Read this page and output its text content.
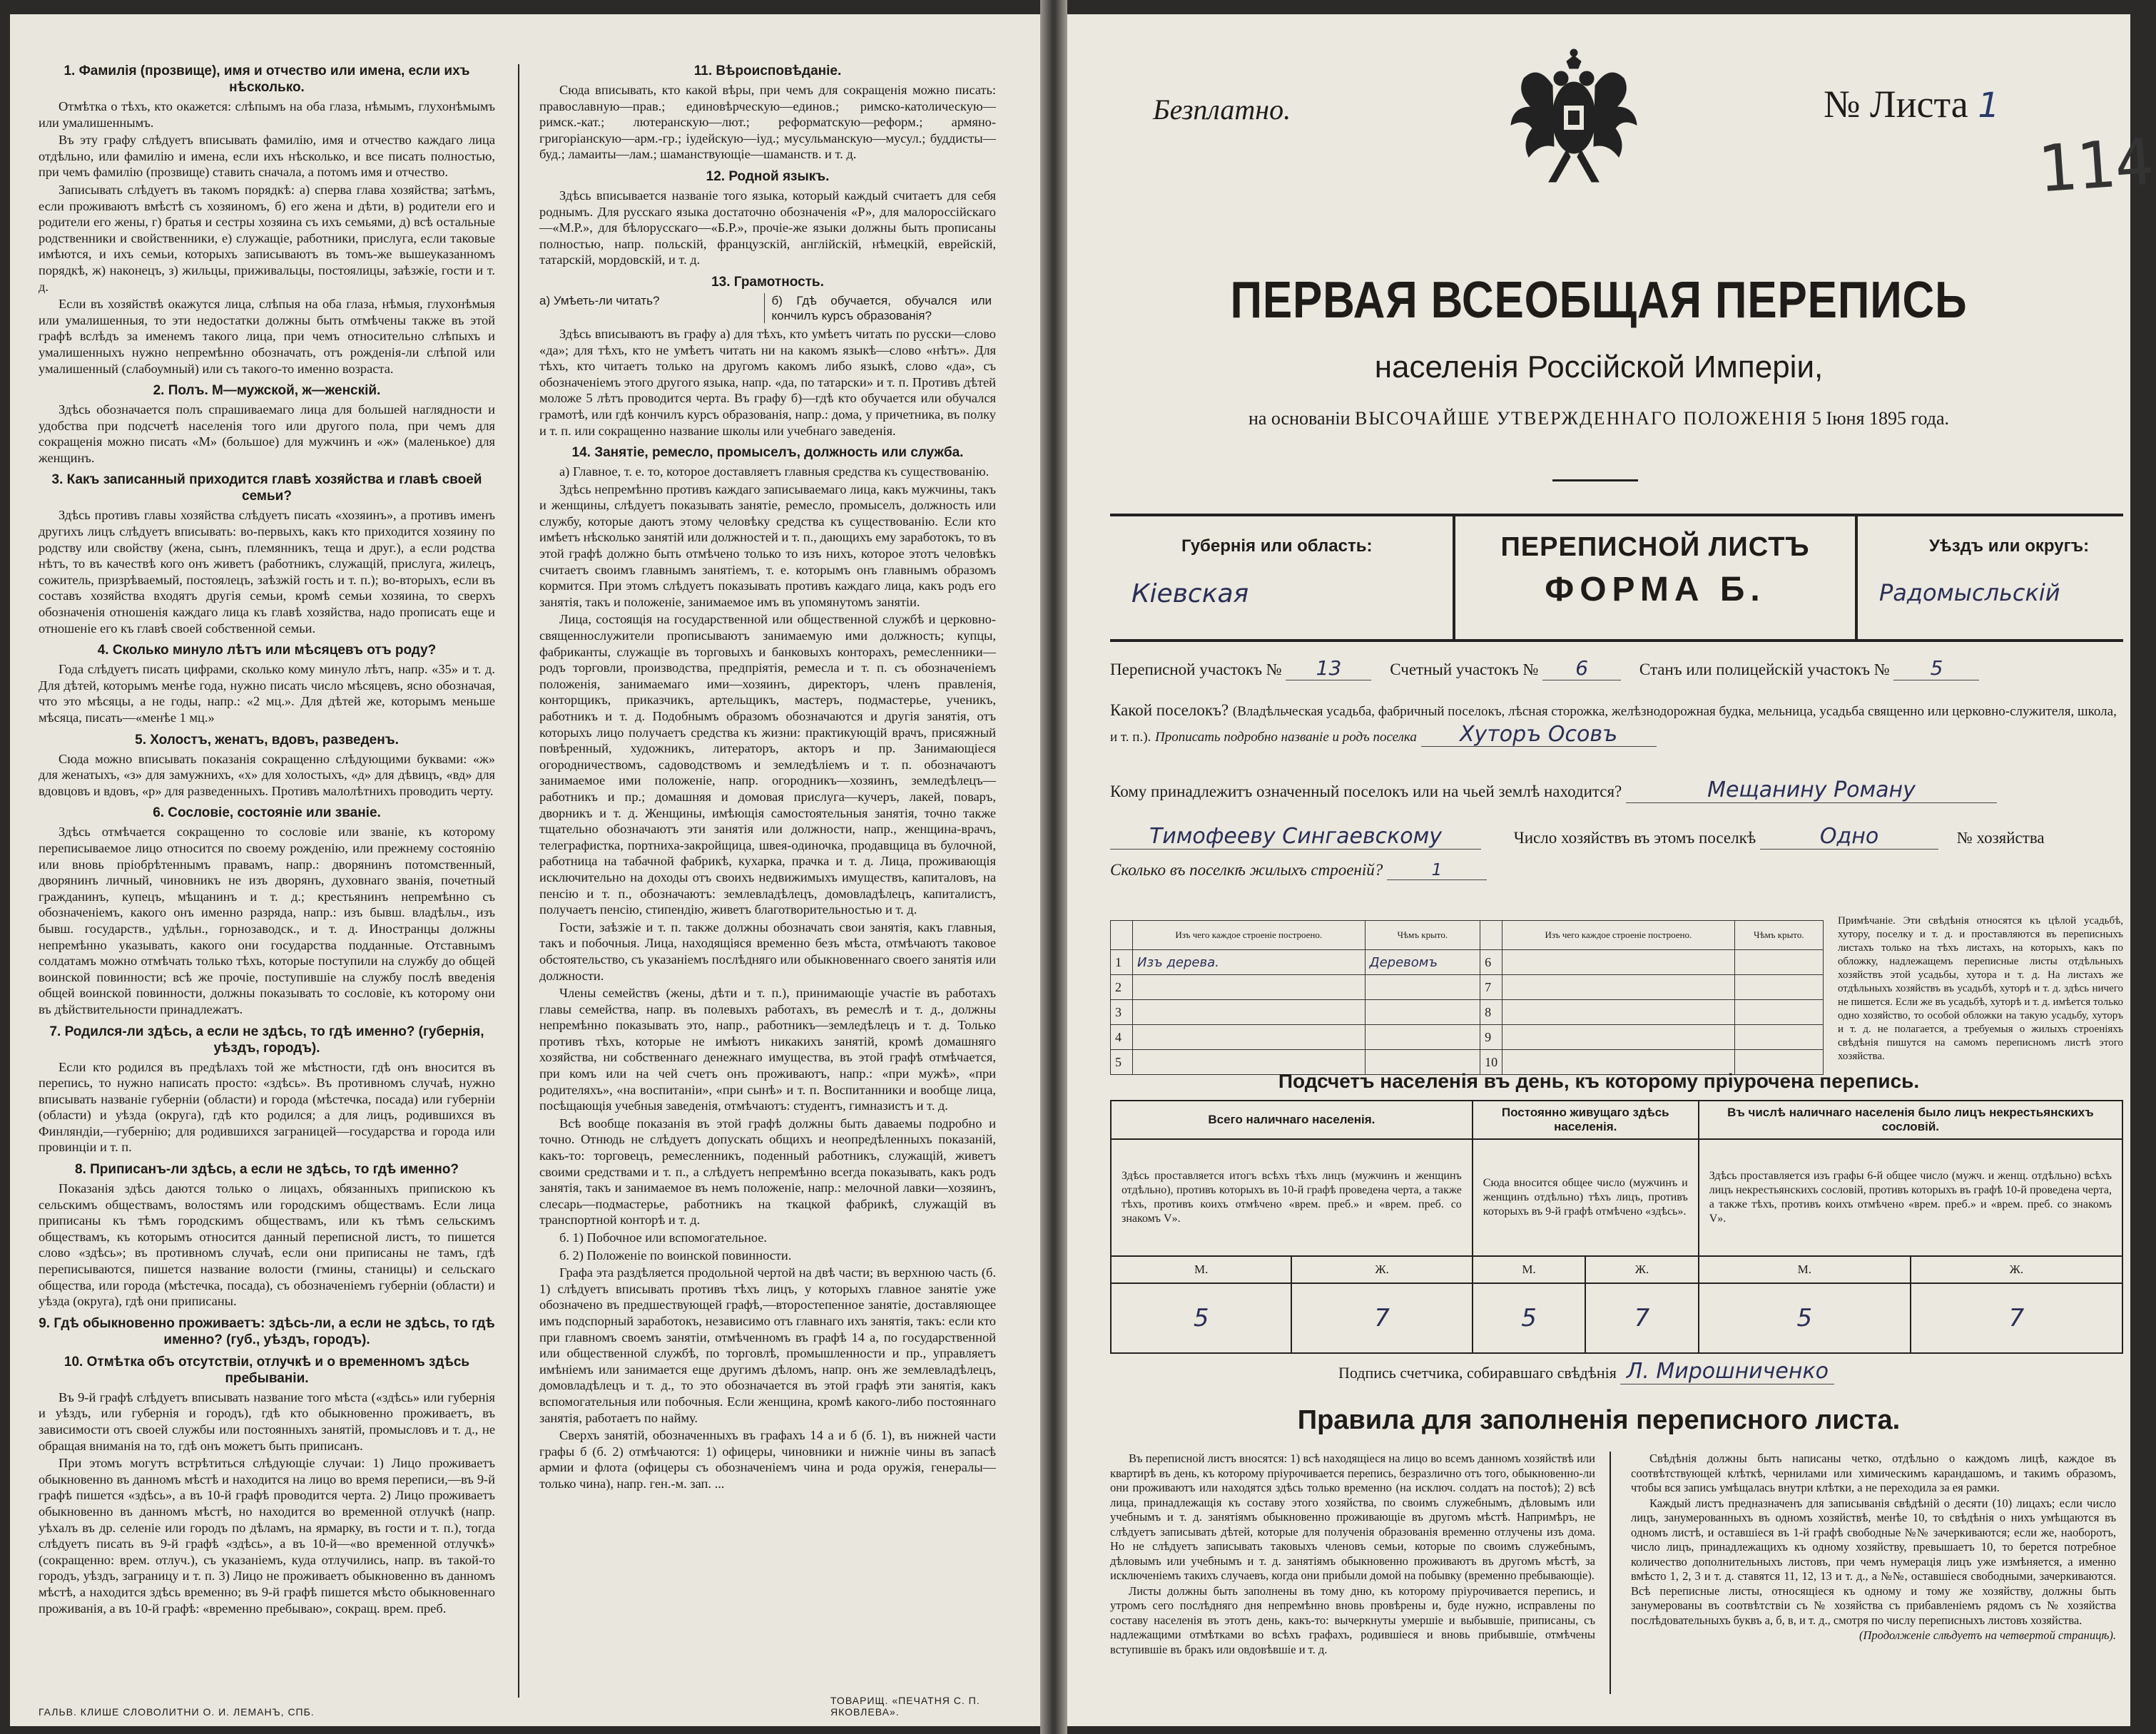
1. Фамилія (прозвище), имя и отчество или имена, если ихъ нѣсколько.

Отмѣтка о тѣхъ, кто окажется: слѣпымъ на оба глаза, нѣмымъ, глухонѣмымъ или умалишеннымъ.

Въ эту графу слѣдуетъ вписывать фамилію, имя и отчество каждаго лица отдѣльно, или фамилію и имена, если ихъ нѣсколько, и все писать полностью, при чемъ фамилію (прозвище) ставить сначала, а потомъ имя и отчество.

Записывать слѣдуетъ въ такомъ порядкѣ: а) сперва глава хозяйства; затѣмъ, если проживаютъ вмѣстѣ съ хозяиномъ, б) его жена и дѣти, в) родители его и родители его жены, г) братья и сестры хозяина съ ихъ семьями, д) всѣ остальные родственники и свойственники, е) служащіе, работники, прислуга, если таковые имѣются, и ихъ семьи, которыхъ записываютъ въ томъ-же вышеуказанномъ порядкѣ, ж) наконецъ, з) жильцы, приживальцы, постоялицы, заѣзжіе, гости и т. д.

Если въ хозяйствѣ окажутся лица, слѣпыя на оба глаза, нѣмыя, глухонѣмыя или умалишенныя, то эти недостатки должны быть отмѣчены также въ этой графѣ вслѣдъ за именемъ такого лица, при чемъ относительно слѣпыхъ и умалишенныхъ нужно непремѣнно обозначать, отъ рожденія-ли слѣпой или умалишенный (слабоумный) или съ такого-то именно возраста.

2. Полъ. М—мужской, ж—женскій.

Здѣсь обозначается полъ спрашиваемаго лица для большей наглядности и удобства при подсчетѣ населенія того или другого пола, при чемъ для сокращенія можно писать «М» (большое) для мужчинъ и «ж» (маленькое) для женщинъ.

3. Какъ записанный приходится главѣ хозяйства и главѣ своей семьи?

Здѣсь противъ главы хозяйства слѣдуетъ писать «хозяинъ», а противъ именъ другихъ лицъ слѣдуетъ вписывать: во-первыхъ, какъ кто приходится хозяину по родству или свойству (жена, сынъ, племянникъ, теща и друг.), а если родства нѣтъ, то въ качествѣ кого онъ живетъ (работникъ, служащій, прислуга, жилецъ, сожитель, призрѣваемый, постоялецъ, заѣзжій гость и т. п.); во-вторыхъ, если въ составъ хозяйства входятъ другія семьи, кромѣ семьи хозяина, то сверхъ обозначенія отношенія каждаго лица къ главѣ хозяйства, надо прописать еще и отношеніе его къ главѣ своей собственной семьи.

4. Сколько минуло лѣтъ или мѣсяцевъ отъ роду?

Года слѣдуетъ писать цифрами, сколько кому минуло лѣтъ, напр. «35» и т. д. Для дѣтей, которымъ менѣе года, нужно писать число мѣсяцевъ, ясно обозначая, что это мѣсяцы, а не годы, напр.: «2 мц.». Для дѣтей же, которымъ меньше мѣсяца, писать—«менѣе 1 мц.»

5. Холостъ, женатъ, вдовъ, разведенъ.

Сюда можно вписывать показанія сокращенно слѣдующими буквами: «ж» для женатыхъ, «з» для замужнихъ, «х» для холостыхъ, «д» для дѣвицъ, «вд» для вдовцовъ и вдовъ, «р» для разведенныхъ. Противъ малолѣтнихъ проводить черту.

6. Сословіе, состояніе или званіе.

Здѣсь отмѣчается сокращенно то сословіе или званіе, къ которому переписываемое лицо относится по своему рожденію, или прежнему состоянію или вновь пріобрѣтеннымъ правамъ, напр.: дворянинъ потомственный, дворянинъ личный, чиновникъ не изъ дворянъ, духовнаго званія, почетный гражданинъ, купецъ, мѣщанинъ и т. д.; крестьянинъ непремѣнно съ обозначеніемъ, какого онъ именно разряда, напр.: изъ бывш. владѣльч., изъ бывш. государств., удѣльн., горнозаводск., и т. д. Иностранцы должны непремѣнно указывать, какого они государства подданные. Отставнымъ солдатамъ можно отмѣчать только тѣхъ, которые поступили на службу до общей воинской повинности; всѣ же прочіе, поступившіе на службу послѣ введенія общей воинской повинности, должны показывать то сословіе, къ которому они въ дѣйствительности принадлежатъ.

7. Родился-ли здѣсь, а если не здѣсь, то гдѣ именно? (губернія, уѣздъ, городъ).

Если кто родился въ предѣлахъ той же мѣстности, гдѣ онъ вносится въ перепись, то нужно написать просто: «здѣсь». Въ противномъ случаѣ, нужно вписывать названіе губерніи (области) и города (мѣстечка, посада) или губерніи (области) и уѣзда (округа), гдѣ кто родился; а для лицъ, родившихся въ Финляндіи,—губернію; для родившихся заграницей—государства и города или провинціи и т. п.

8. Приписанъ-ли здѣсь, а если не здѣсь, то гдѣ именно?

Показанія здѣсь даются только о лицахъ, обязанныхъ припискою къ сельскимъ обществамъ, волостямъ или городскимъ обществамъ. Если лица приписаны къ тѣмъ городскимъ обществамъ, или къ тѣмъ сельскимъ обществамъ, къ которымъ относится данный переписной листъ, то пишется слово «здѣсь»; въ противномъ случаѣ, если они приписаны не тамъ, гдѣ переписываются, пишется название волости (гмины, станицы) и сельскаго общества, или города (мѣстечка, посада), съ обозначеніемъ губерніи (области) и уѣзда (округа), гдѣ они приписаны.

9. Гдѣ обыкновенно проживаетъ: здѣсь-ли, а если не здѣсь, то гдѣ именно? (губ., уѣздъ, городъ).
10. Отмѣтка объ отсутствіи, отлучкѣ и о временномъ здѣсь пребываніи.

Въ 9-й графѣ слѣдуетъ вписывать название того мѣста («здѣсь» или губернія и уѣздъ, или губернія и городъ), гдѣ кто обыкновенно проживаетъ, въ зависимости отъ своей службы или постоянныхъ занятій, промысловъ и т. д., не обращая вниманія на то, гдѣ онъ можетъ быть приписанъ.

При этомъ могутъ встрѣтиться слѣдующіе случаи: 1) Лицо проживаетъ обыкновенно въ данномъ мѣстѣ и находится на лицо во время переписи,—въ 9-й графѣ пишется «здѣсь», а въ 10-й графѣ проводится черта. 2) Лицо проживаетъ обыкновенно въ данномъ мѣстѣ, но находится во временной отлучкѣ (напр. уѣхалъ въ др. селеніе или городъ по дѣламъ, на ярмарку, въ гости и т. п.), тогда слѣдуетъ писать въ 9-й графѣ «здѣсь», а въ 10-й—«во временной отлучкѣ» (сокращенно: врем. отлуч.), съ указаніемъ, куда отлучились, напр. въ такой-то городъ, уѣздъ, заграницу и т. п. 3) Лицо не проживаетъ обыкновенно въ данномъ мѣстѣ, а находится здѣсь временно; въ 9-й графѣ пишется мѣсто обыкновеннаго проживанія, а въ 10-й графѣ: «временно пребываю», сокращ. врем. преб.

11. Вѣроисповѣданіе.

Сюда вписывать, кто какой вѣры, при чемъ для сокращенія можно писать: православную—прав.; единовѣрческую—единов.; римско-католическую—римск.-кат.; лютеранскую—лют.; реформатскую—реформ.; армяно-григоріанскую—арм.-гр.; іудейскую—іуд.; мусульманскую—мусул.; буддисты—буд.; ламаиты—лам.; шаманствующіе—шаманств. и т. д.

12. Родной языкъ.

Здѣсь вписывается названіе того языка, который каждый считаетъ для себя роднымъ. Для русскаго языка достаточно обозначенія «Р», для малороссійскаго—«М.Р.», для бѣлорусскаго—«Б.Р.», прочіе-же языки должны быть прописаны полностью, напр. польскій, французскій, англійскій, нѣмецкій, еврейскій, татарскій, мордовскій, и т. д.

13. Грамотность.
а) Умѣеть-ли читать?	б) Гдѣ обучается, обучался или кончилъ курсъ образованія?

Здѣсь вписываютъ въ графу а) для тѣхъ, кто умѣетъ читать по русски—слово «да»; для тѣхъ, кто не умѣетъ читать ни на какомъ языкѣ—слово «нѣтъ». Для тѣхъ, кто читаетъ только на другомъ какомъ либо языкѣ, слово «да», съ обозначеніемъ этого другого языка, напр. «да, по татарски» и т. п. Противъ дѣтей моложе 5 лѣтъ проводится черта. Въ графу б)—гдѣ кто обучается или обучался грамотѣ, или гдѣ кончилъ курсъ образованія, напр.: дома, у причетника, въ полку и т. п. или сокращенно название школы или учебнаго заведенія.

14. Занятіе, ремесло, промыселъ, должность или служба.

а) Главное, т. е. то, которое доставляетъ главныя средства къ существованію.

Здѣсь непремѣнно противъ каждаго записываемаго лица, какъ мужчины, такъ и женщины, слѣдуетъ показывать занятіе, ремесло, промыселъ, должность или службу, которые даютъ этому человѣку средства къ существованію. Если кто имѣетъ нѣсколько занятій или должностей и т. п., дающихъ ему заработокъ, то въ этой графѣ должно быть отмѣчено только то изъ нихъ, которое этотъ человѣкъ считаетъ своимъ главнымъ занятіемъ, т. е. которымъ онъ главнымъ образомъ кормится. При этомъ слѣдуетъ показывать противъ каждаго лица, какъ родъ его занятія, такъ и положеніе, занимаемое имъ въ упомянутомъ занятіи.

Лица, состоящія на государственной или общественной службѣ и церковно-священнослужители прописываютъ занимаемую ими должность; купцы, фабриканты, служащіе въ торговыхъ и банковыхъ конторахъ, ремесленники—родъ торговли, производства, предпріятія, ремесла и т. п. съ обозначеніемъ положенія, занимаемаго ими—хозяинъ, директоръ, членъ правленія, конторщикъ, приказчикъ, артельщикъ, мастеръ, подмастерье, ученикъ, работникъ и т. д. Подобнымъ образомъ обозначаются и другія занятія, отъ которыхъ лицо получаетъ средства къ жизни: практикующій врачъ, присяжный повѣренный, художникъ, литераторъ, акторъ и пр. Занимающіеся огородничествомъ, садоводствомъ и земледѣліемъ и т. п. обозначаютъ занимаемое ими положеніе, напр. огородникъ—хозяинъ, земледѣлецъ—работникъ и пр.; домашняя и домовая прислуга—кучеръ, лакей, поваръ, дворникъ и т. д. Женщины, имѣющія самостоятельныя занятія, точно также тщательно обозначаютъ эти занятія или должности, напр., женщина-врачъ, телеграфистка, портниха-закройщица, швея-одиночка, продавщица въ булочной, работница на табачной фабрикѣ, кухарка, прачка и т. д. Лица, проживающія исключительно на доходы отъ своихъ недвижимыхъ имуществъ, капиталовъ, на пенсію и т. п., обозначаютъ: землевладѣлецъ, домовладѣлецъ, капиталистъ, получаетъ пенсію, стипендію, живетъ благотворительностью и т. д.

Гости, заѣзжіе и т. п. также должны обозначать свои занятія, какъ главныя, такъ и побочныя. Лица, находящіяся временно безъ мѣста, отмѣчаютъ таковое обстоятельство, съ указаніемъ послѣдняго или обыкновеннаго своего занятія или должности.

Члены семействъ (жены, дѣти и т. п.), принимающіе участіе въ работахъ главы семейства, напр. въ полевыхъ работахъ, въ ремеслѣ и т. д., должны непремѣнно показывать это, напр., работникъ—земледѣлецъ и т. д. Только противъ тѣхъ, которые не имѣютъ никакихъ занятій, кромѣ домашняго хозяйства, ни собственнаго денежнаго имущества, въ этой графѣ отмѣчается, при комъ или на чей счетъ онъ проживаютъ, напр.: «при мужѣ», «при родителяхъ», «на воспитаніи», «при сынѣ» и т. п. Воспитанники и вообще лица, посѣщающія учебныя заведенія, отмѣчаютъ: студентъ, гимназистъ и т. д.

Всѣ вообще показанія въ этой графѣ должны быть даваемы подробно и точно. Отнюдь не слѣдуетъ допускать общихъ и неопредѣленныхъ показаній, какъ-то: торговецъ, ремесленникъ, поденный работникъ, служащій, живетъ своими средствами и т. п., а слѣдуетъ непремѣнно всегда показывать, какъ родъ занятія, такъ и занимаемое въ немъ положеніе, напр.: мелочной лавки—хозяинъ, слесарь—подмастерье, работникъ на ткацкой фабрикѣ, служащій въ транспортной конторѣ и т. д.

б. 1) Побочное или вспомогательное.

б. 2) Положеніе по воинской повинности.

Графа эта раздѣляется продольной чертой на двѣ части; въ верхнюю часть (б. 1) слѣдуетъ вписывать противъ тѣхъ лицъ, у которыхъ главное занятіе уже обозначено въ предшествующей графѣ,—второстепенное занятіе, доставляющее имъ подспорный заработокъ, независимо отъ главнаго ихъ занятія, такъ: если кто при главномъ своемъ занятіи, отмѣченномъ въ графѣ 14 а, по государственной или общественной службѣ, по торговлѣ, промышленности и пр., управляетъ имѣніемъ или занимается еще другимъ дѣломъ, напр. онъ же землевладѣлецъ, домовладѣлецъ и т. д., то это обозначается въ этой графѣ эти занятія, какъ вспомогательныя или побочныя. Если женщина, кромѣ какого-либо постояннаго занятія, работаетъ по найму.

Сверхъ занятій, обозначенныхъ въ графахъ 14 а и б (б. 1), въ нижней части графы б (б. 2) отмѣчаются: 1) офицеры, чиновники и нижніе чины въ запасѣ армии и флота (офицеры съ обозначеніемъ чина и рода оружія, генералы—только чина), напр. ген.-м. зап. ...

ГАЛЬВ. КЛИШЕ СЛОВОЛИТНИ О. И. ЛЕМАНЪ, СПБ.
ТОВАРИЩ. «ПЕЧАТНЯ С. П. ЯКОВЛЕВА».
Безплатно.	№ Листа 1
114
ПЕРВАЯ ВСЕОБЩАЯ ПЕРЕПИСЬ
населенія Россійской Имперіи,
на основаніи ВЫСОЧАЙШЕ УТВЕРЖДЕННАГО ПОЛОЖЕНІЯ 5 Іюня 1895 года.
Губернія или область:
Кіевская
ПЕРЕПИСНОЙ ЛИСТЪ
ФОРМА Б.
Уѣздъ или округъ:
Радомысльскій
Переписной участокъ № 13	Счетный участокъ № 6	Станъ или полицейскій участокъ № 5
Какой поселокъ? (Владѣльческая усадьба, фабричный поселокъ, лѣсная сторожка, желѣзнодорожная будка, мельница, усадьба священно или церковно-служителя, школа, и т. п.). Прописать подробно названіе и родъ поселка Хуторъ Осовъ
Кому принадлежитъ означенный поселокъ или на чьей землѣ находится?	Мещанину Роману
Тимофееву Сингаевскому	Число хозяйствъ въ этомъ поселкѣ	Одно	№ хозяйства
Сколько въ поселкѣ жилыхъ строеній?	1
	Изъ чего каждое строеніе построено.	Чѣмъ крыто.		Изъ чего каждое строеніе построено.	Чѣмъ крыто.
1	Изъ дерева.	Деревомъ	6		
2			7		
3			8		
4			9		
5			10		
Примѣчаніе. Эти свѣдѣнія относятся къ цѣлой усадьбѣ, хутору, поселку и т. д. и проставляются въ переписныхъ листахъ только на тѣхъ листахъ, на которыхъ, какъ по обложку, надлежащемъ переписные листы отдѣльныхъ хозяйствъ этой усадьбы, хутора и т. д. На листахъ же отдѣльныхъ хозяйствъ въ усадьбѣ, хуторѣ и т. д. здѣсь ничего не пишется. Если же въ усадьбѣ, хуторѣ и т. д. имѣется только одно хозяйство, то особой обложки на такую усадьбу, хуторъ и т. д. не полагается, а требуемыя о жилыхъ строеніяхъ свѣдѣнія пишутся на самомъ переписномъ листѣ этого хозяйства.
Подсчетъ населенія въ день, къ которому пріурочена перепись.
Всего наличнаго населенія.		Постоянно живущаго здѣсь населенія.		Въ числѣ наличнаго населенія было лицъ некрестьянскихъ сословій.	
Здѣсь проставляется итогъ всѣхъ тѣхъ лицъ (мужчинъ и женщинъ отдѣльно), противъ которыхъ въ 10-й графѣ проведена черта, а также тѣхъ, противъ коихъ отмѣчено «врем. преб.» и «врем. преб. со знакомъ V».		Сюда вносится общее число (мужчинъ и женщинъ отдѣльно) тѣхъ лицъ, противъ которыхъ въ 9-й графѣ отмѣчено «здѣсь».		Здѣсь проставляется изъ графы 6-й общее число (мужч. и женщ. отдѣльно) всѣхъ лицъ некрестьянскихъ сословій, противъ которыхъ въ графѣ 10-й проведена черта, а также тѣхъ, противъ коихъ отмѣчено «врем. преб.» и «врем. преб. со знакомъ V».	
М.	Ж.	М.	Ж.	М.	Ж.
5	7	5	7	5	7
Подпись счетчика, собиравшаго свѣдѣнія Л. Мирошниченко
Правила для заполненія переписного листа.

Въ переписной листъ вносятся: 1) всѣ находящіеся на лицо во всемъ данномъ хозяйствѣ или квартирѣ въ день, къ которому пріурочивается перепись, безразлично отъ того, обыкновенно-ли они проживаютъ или находятся здѣсь только временно (на исключ. солдатъ на постоѣ); 2) всѣ лица, принадлежащія къ составу этого хозяйства, по своимъ служебнымъ, дѣловымъ или учебнымъ и т. д. занятіямъ обыкновенно проживающіе въ другомъ мѣстѣ. Напримѣръ, не слѣдуетъ записывать дѣтей, которые для полученія образованія временно отлучены изъ дома. Но не слѣдуетъ записывать таковыхъ членовъ семьи, которые по своимъ служебнымъ, дѣловымъ или учебнымъ и т. д. занятіямъ обыкновенно проживаютъ въ другомъ мѣстѣ, за исключеніемъ такихъ случаевъ, когда они прибыли домой на побывку (временно пребывающіе).

Листы должны быть заполнены въ тому дню, къ которому пріурочивается перепись, и утромъ сего послѣдняго дня непремѣнно вновь провѣрены и, буде нужно, исправлены по составу населенія въ этотъ день, какъ-то: вычеркнуты умершіе и выбывшіе, приписаны, съ надлежащими отмѣтками во всѣхъ графахъ, родившіеся и вновь прибывшіе, отмѣчены вступившіе въ бракъ или овдовѣвшіе и т. д.

Свѣдѣнія должны быть написаны четко, отдѣльно о каждомъ лицѣ, каждое въ соотвѣтствующей клѣткѣ, чернилами или химическимъ карандашомъ, и такимъ образомъ, чтобы вся запись умѣщалась внутри клѣтки, а не переходила за ея рамки.

Каждый листъ предназначенъ для записыванія свѣдѣній о десяти (10) лицахъ; если число лицъ, занумерованныхъ въ одномъ хозяйствѣ, менѣе 10, то свѣдѣнія о нихъ умѣщаются въ одномъ листѣ, и оставшіеся въ 1-й графѣ свободные №№ зачеркиваются; если же, наоборотъ, число лицъ, принадлежащихъ къ одному хозяйству, превышаетъ 10, то берется потребное количество дополнительныхъ листовъ, при чемъ нумерація лицъ уже измѣняется, а именно вмѣсто 1, 2, 3 и т. д. ставятся 11, 12, 13 и т. д., а №№, оставшіеся свободными, зачеркиваются. Всѣ переписные листы, относящіеся къ одному и тому же хозяйству, должны быть занумерованы въ соотвѣтствіи съ № хозяйства съ прибавленіемъ рядомъ съ № хозяйства послѣдовательныхъ буквъ а, б, в, и т. д., смотря по числу переписныхъ листовъ хозяйства.

(Продолженіе слѣдуетъ на четвертой страницѣ).
